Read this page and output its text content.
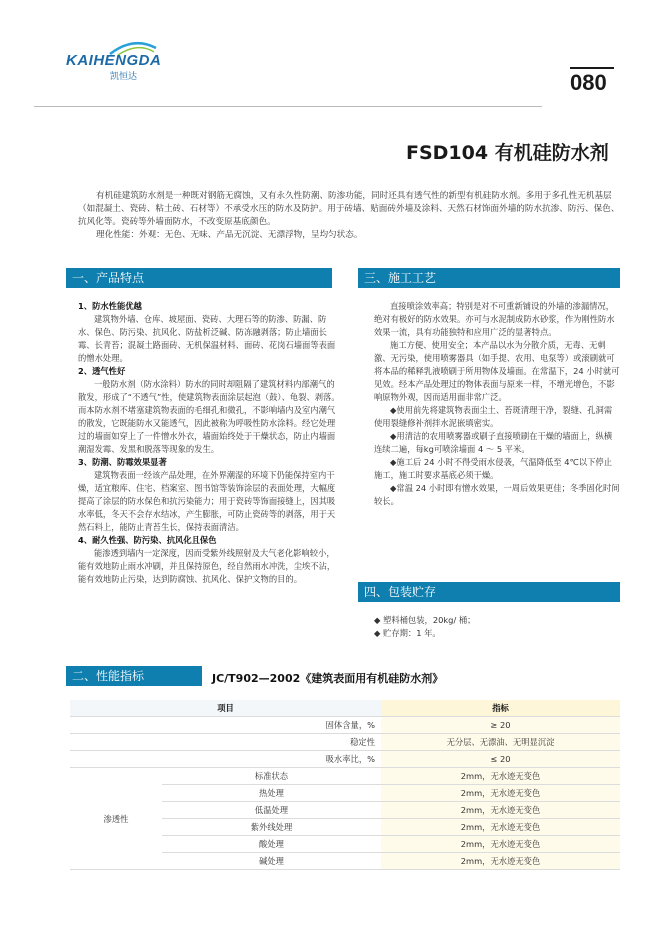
KAIHENGDA
凯恒达	080
FSD104 有机硅防水剂

有机硅建筑防水剂是一种既对钢筋无腐蚀，又有永久性防潮、防渗功能，同时还具有透气性的新型有机硅防水剂。多用于多孔性无机基层（如混凝土、瓷砖、粘土砖、石材等）不承受水压的防水及防护。用于砖墙、贴面砖外墙及涂料、天然石材饰面外墙的防水抗渗、防污、保色、抗风化等。瓷砖等外墙面防水，不改变原基底颜色。

理化性能：外观：无色、无味、产品无沉淀、无漂浮物，呈均匀状态。

一、产品特点

1、防水性能优越

建筑物外墙、仓库、坡屋面、瓷砖、大理石等的防渗、防漏、防水、保色、防污染、抗风化、防盐析泛碱、防冻融剥落；防止墙面长霉、长青苔；混凝土路面砖、无机保温材料、面砖、花岗石墙面等表面的憎水处理。

2、透气性好

一般防水剂（防水涂料）防水的同时却阻隔了建筑材料内部潮气的散发，形成了“不透气”性，使建筑物表面涂层起泡（鼓）、龟裂、剥落。而本防水剂不堵塞建筑物表面的毛细孔和微孔，不影响墙内及室内潮气的散发，它既能防水又能透气，因此被称为呼吸性防水涂料。经它处理过的墙面如穿上了一件憎水外衣，墙面始终处于干燥状态，防止内墙面潮湿发霉、发黑和脱落等现象的发生。

3、防潮、防霉效果显著

建筑物表面一经该产品处理，在外界潮湿的环境下仍能保持室内干燥，适宜粮库、住宅、档案室、图书馆等装饰涂层的表面处理，大幅度提高了涂层的防水保色和抗污染能力；用于瓷砖等饰面接缝上，因其吸水率低，冬天不会存水结冰，产生膨胀，可防止瓷砖等的剥落，用于天然石料上，能防止青苔生长，保持表面清洁。

4、耐久性强、防污染、抗风化且保色

能渗透到墙内一定深度，因而受紫外线照射及大气老化影响较小，能有效地防止雨水冲刷，并且保持原色，经自然雨水冲洗，尘埃不沾，能有效地防止污染，达到防腐蚀、抗风化、保护文物的目的。

三、施工工艺

直接喷涂效率高；特别是对不可重新铺设的外墙的渗漏情况，绝对有极好的防水效果。亦可与水泥制成防水砂浆，作为刚性防水效果一流，具有功能独特和应用广泛的显著特点。

施工方便、使用安全；本产品以水为分散介质，无毒、无刺激、无污染，使用喷雾器具（如手提、农用、电泵等）或滚刷就可将本品的稀释乳液喷刷于所用物体及墙面。在常温下，24 小时就可见效。经本产品处理过的物体表面与原来一样，不增光增色，不影响原物外观，因而适用面非常广泛。

◆使用前先将建筑物表面尘土、苔斑清理干净，裂缝、孔洞需使用裂缝修补剂拌水泥嵌填密实。

◆用清洁的农用喷雾器或刷子直接喷刷在干燥的墙面上，纵横连续二遍，每kg可喷涂墙面 4 ～ 5 平米。

◆施工后 24 小时不得受雨水侵袭，气温降低至 4℃以下停止施工，施工时要求基底必须干燥。

◆常温 24 小时即有憎水效果，一周后效果更佳；冬季固化时间较长。

四、包装贮存

◆ 塑料桶包装，20kg/ 桶；

◆ 贮存期：1 年。

二、性能指标	JC/T902—2002《建筑表面用有机硅防水剂》
项目		指标
固体含量，%		≥ 20
稳定性		无分层、无漂油、无明显沉淀
吸水率比，%		≤ 20
渗透性	标准状态	2mm，无水迹无变色
	热处理	2mm，无水迹无变色
	低温处理	2mm，无水迹无变色
	紫外线处理	2mm，无水迹无变色
	酸处理	2mm，无水迹无变色
	碱处理	2mm，无水迹无变色
